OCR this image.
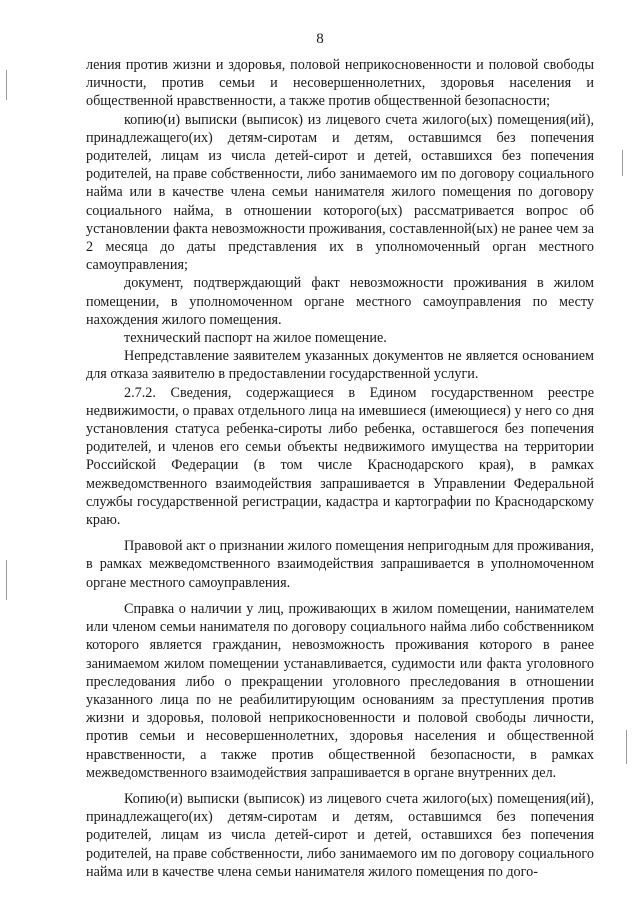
8

ления против жизни и здоровья, половой неприкосновенности и половой свободы личности, против семьи и несовершеннолетних, здоровья населения и общественной нравственности, а также против общественной безопасности;

копию(и) выписки (выписок) из лицевого счета жилого(ых) помещения(ий), принадлежащего(их) детям-сиротам и детям, оставшимся без попечения родителей, лицам из числа детей-сирот и детей, оставшихся без попечения родителей, на праве собственности, либо занимаемого им по договору социального найма или в качестве члена семьи нанимателя жилого помещения по договору социального найма, в отношении которого(ых) рассматривается вопрос об установлении факта невозможности проживания, составленной(ых) не ранее чем за 2 месяца до даты представления их в уполномоченный орган местного самоуправления;

документ, подтверждающий факт невозможности проживания в жилом помещении, в уполномоченном органе местного самоуправления по месту нахождения жилого помещения.

технический паспорт на жилое помещение.

Непредставление заявителем указанных документов не является основанием для отказа заявителю в предоставлении государственной услуги.

2.7.2. Сведения, содержащиеся в Едином государственном реестре недвижимости, о правах отдельного лица на имевшиеся (имеющиеся) у него со дня установления статуса ребенка-сироты либо ребенка, оставшегося без попечения родителей, и членов его семьи объекты недвижимого имущества на территории Российской Федерации (в том числе Краснодарского края), в рамках межведомственного взаимодействия запрашивается в Управлении Федеральной службы государственной регистрации, кадастра и картографии по Краснодарскому краю.

Правовой акт о признании жилого помещения непригодным для проживания, в рамках межведомственного взаимодействия запрашивается в уполномоченном органе местного самоуправления.

Справка о наличии у лиц, проживающих в жилом помещении, нанимателем или членом семьи нанимателя по договору социального найма либо собственником которого является гражданин, невозможность проживания которого в ранее занимаемом жилом помещении устанавливается, судимости или факта уголовного преследования либо о прекращении уголовного преследования в отношении указанного лица по не реабилитирующим основаниям за преступления против жизни и здоровья, половой неприкосновенности и половой свободы личности, против семьи и несовершеннолетних, здоровья населения и общественной нравственности, а также против общественной безопасности, в рамках межведомственного взаимодействия запрашивается в органе внутренних дел.

Копию(и) выписки (выписок) из лицевого счета жилого(ых) помещения(ий), принадлежащего(их) детям-сиротам и детям, оставшимся без попечения родителей, лицам из числа детей-сирот и детей, оставшихся без попечения родителей, на праве собственности, либо занимаемого им по договору социального найма или в качестве члена семьи нанимателя жилого помещения по дого-
